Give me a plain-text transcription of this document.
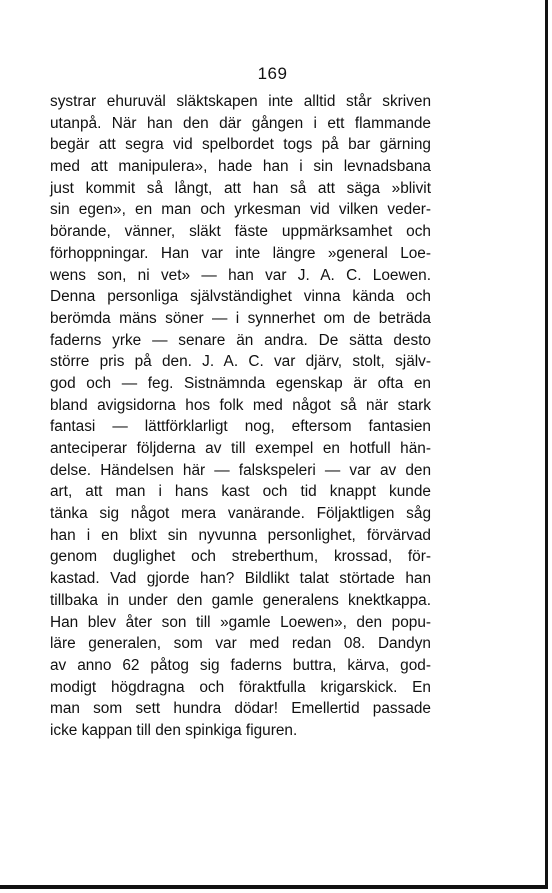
169
systrar ehuruväl släktskapen inte alltid står skriven
utanpå. När han den där gången i ett flammande
begär att segra vid spelbordet togs på bar gärning
med att manipulera», hade han i sin levnadsbana
just kommit så långt, att han så att säga »blivit
sin egen», en man och yrkesman vid vilken veder-
börande, vänner, släkt fäste uppmärksamhet och
förhoppningar. Han var inte längre »general Loe-
wens son, ni vet» — han var J. A. C. Loewen.
Denna personliga självständighet vinna kända och
berömda mäns söner — i synnerhet om de beträda
faderns yrke — senare än andra. De sätta desto
större pris på den. J. A. C. var djärv, stolt, själv-
god och — feg. Sistnämnda egenskap är ofta en
bland avigsidorna hos folk med något så när stark
fantasi — lättförklarligt nog, eftersom fantasien
anteciperar följderna av till exempel en hotfull hän-
delse. Händelsen här — falskspeleri — var av den
art, att man i hans kast och tid knappt kunde
tänka sig något mera vanärande. Följaktligen såg
han i en blixt sin nyvunna personlighet, förvärvad
genom duglighet och streberthum, krossad, för-
kastad. Vad gjorde han? Bildlikt talat störtade han
tillbaka in under den gamle generalens knektkappa.
Han blev åter son till »gamle Loewen», den popu-
läre generalen, som var med redan 08. Dandyn
av anno 62 påtog sig faderns buttra, kärva, god-
modigt högdragna och föraktfulla krigarskick. En
man som sett hundra dödar! Emellertid passade
icke kappan till den spinkiga figuren.
